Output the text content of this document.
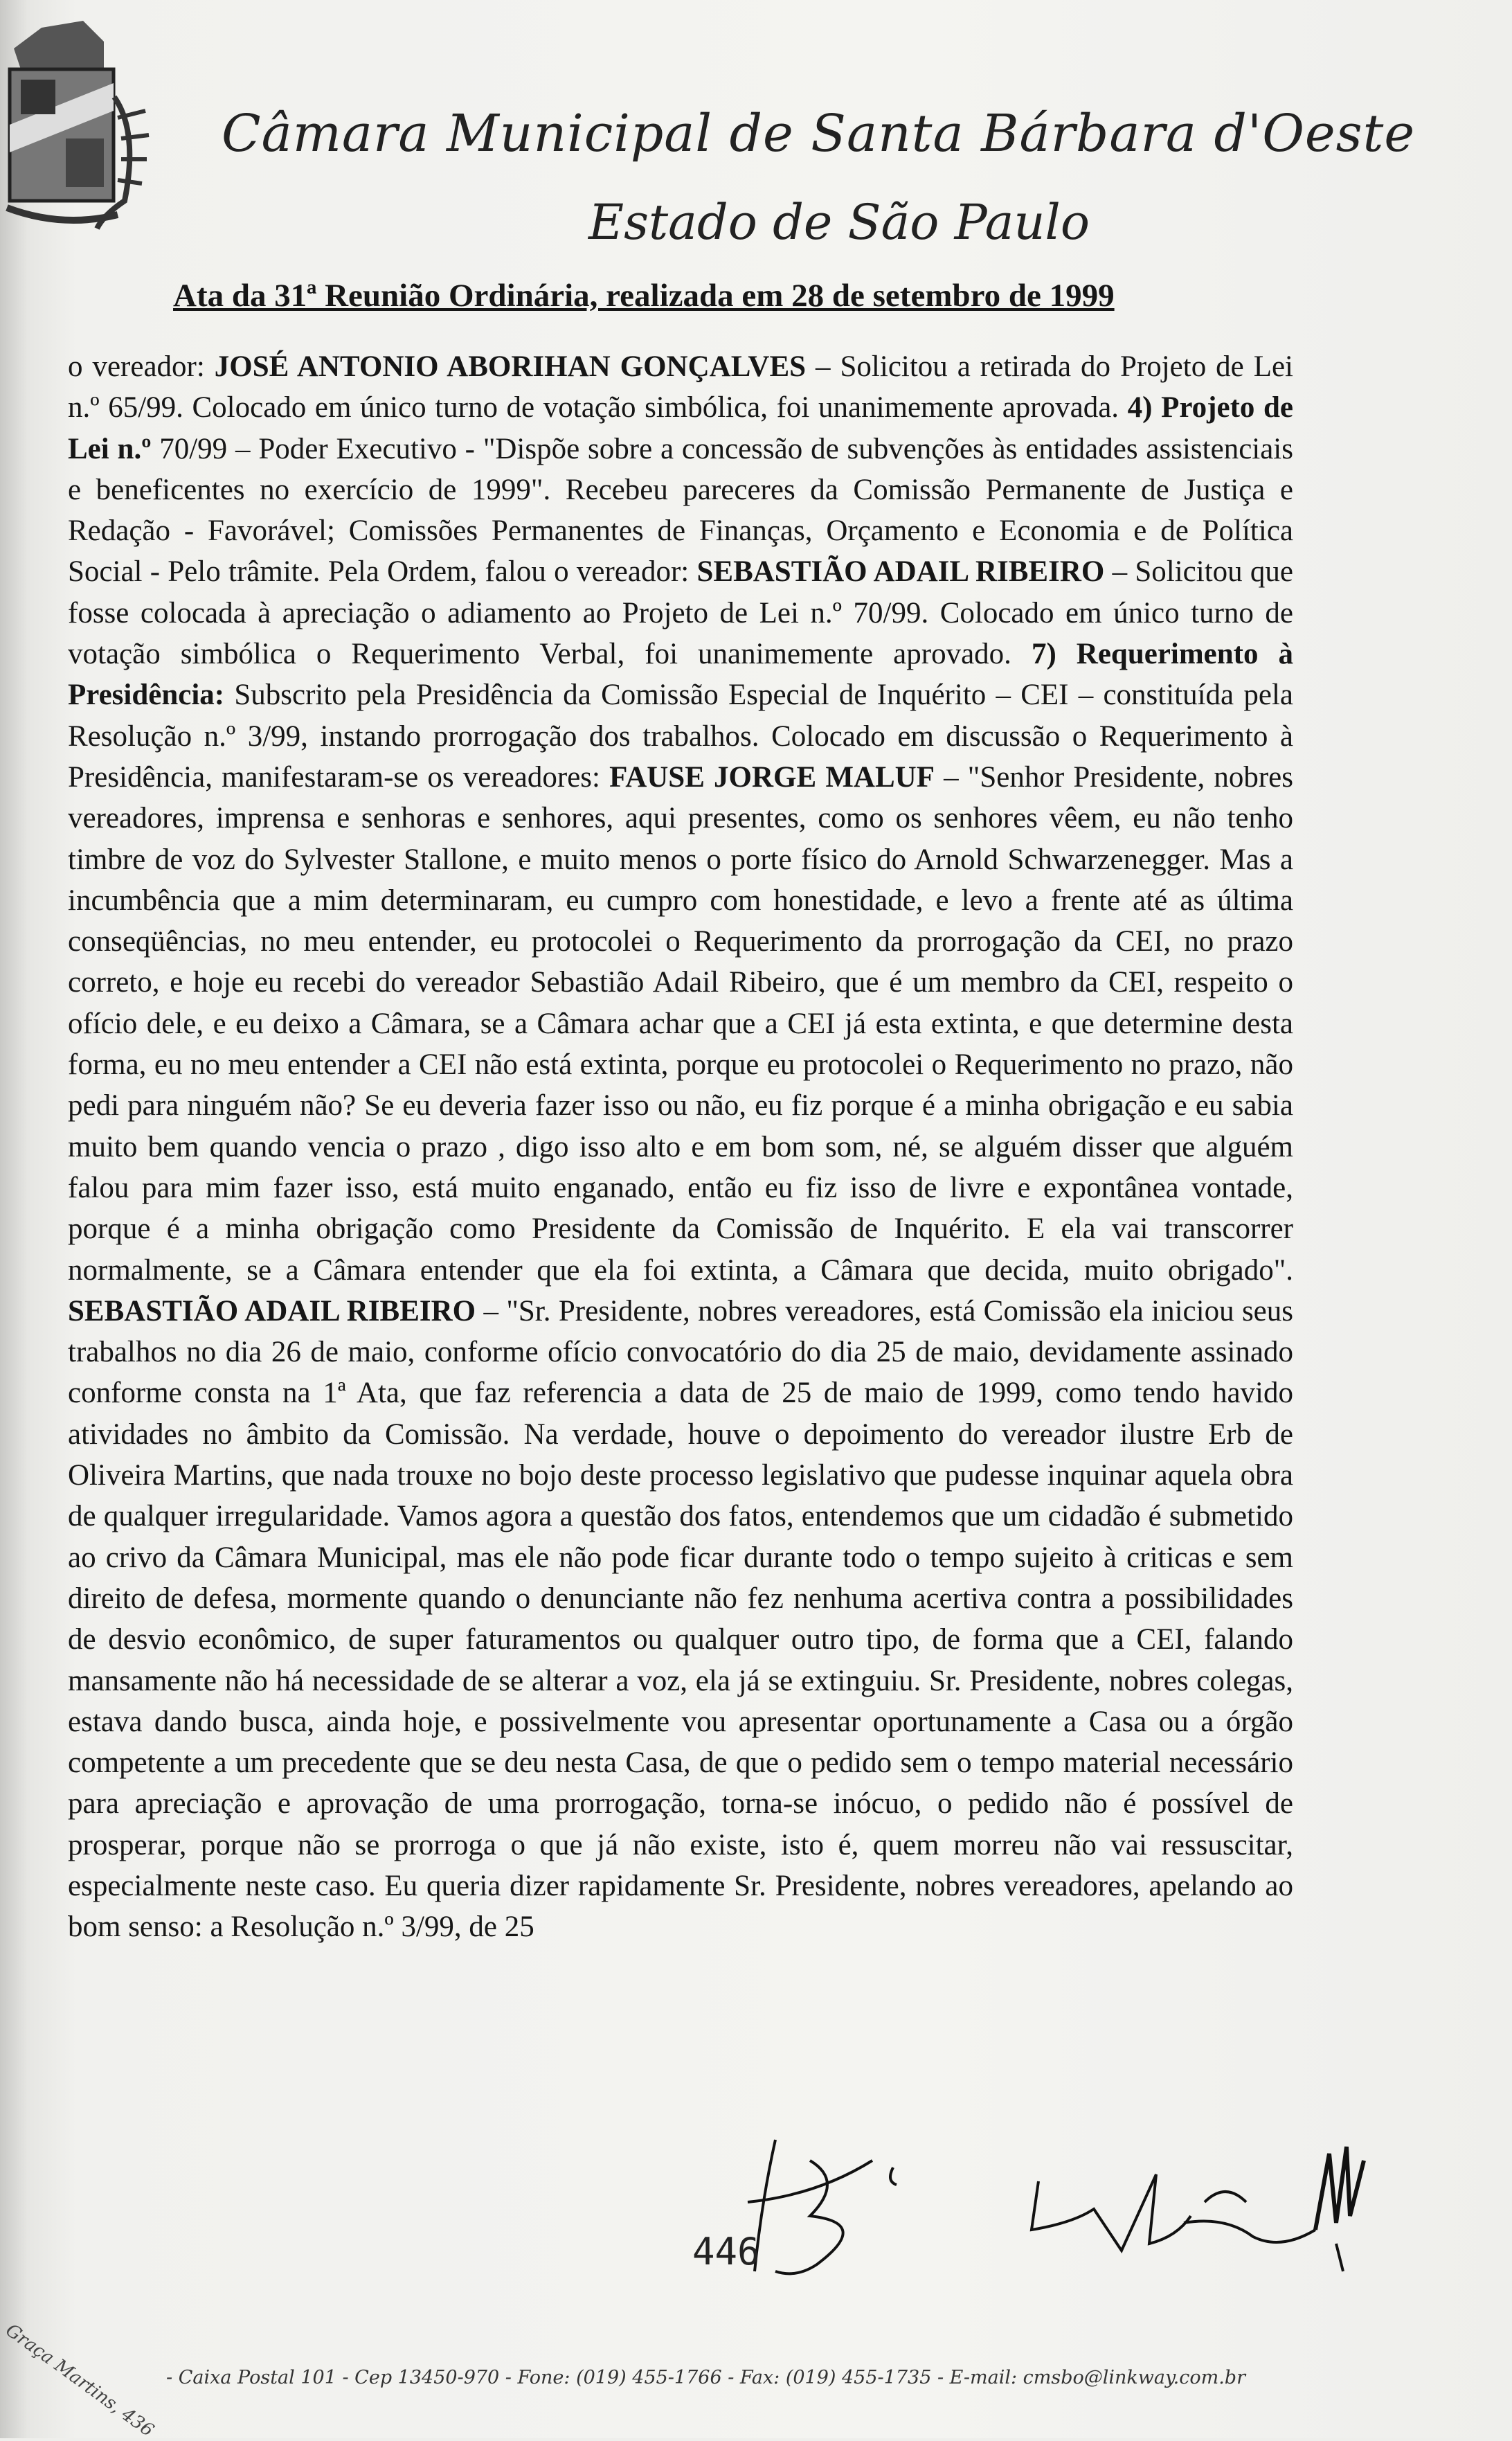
Câmara Municipal de Santa Bárbara d'Oeste
Estado de São Paulo
Ata da 31ª Reunião Ordinária, realizada em 28 de setembro de 1999

o vereador: JOSÉ ANTONIO ABORIHAN GONÇALVES – Solicitou a retirada do Projeto de Lei n.º 65/99. Colocado em único turno de votação simbólica, foi unanimemente aprovada. 4) Projeto de Lei n.º 70/99 – Poder Executivo - "Dispõe sobre a concessão de subvenções às entidades assistenciais e beneficentes no exercício de 1999". Recebeu pareceres da Comissão Permanente de Justiça e Redação - Favorável; Comissões Permanentes de Finanças, Orçamento e Economia e de Política Social - Pelo trâmite. Pela Ordem, falou o vereador: SEBASTIÃO ADAIL RIBEIRO – Solicitou que fosse colocada à apreciação o adiamento ao Projeto de Lei n.º 70/99. Colocado em único turno de votação simbólica o Requerimento Verbal, foi unanimemente aprovado. 7) Requerimento à Presidência: Subscrito pela Presidência da Comissão Especial de Inquérito – CEI – constituída pela Resolução n.º 3/99, instando prorrogação dos trabalhos. Colocado em discussão o Requerimento à Presidência, manifestaram-se os vereadores: FAUSE JORGE MALUF – "Senhor Presidente, nobres vereadores, imprensa e senhoras e senhores, aqui presentes, como os senhores vêem, eu não tenho timbre de voz do Sylvester Stallone, e muito menos o porte físico do Arnold Schwarzenegger. Mas a incumbência que a mim determinaram, eu cumpro com honestidade, e levo a frente até as última conseqüências, no meu entender, eu protocolei o Requerimento da prorrogação da CEI, no prazo correto, e hoje eu recebi do vereador Sebastião Adail Ribeiro, que é um membro da CEI, respeito o ofício dele, e eu deixo a Câmara, se a Câmara achar que a CEI já esta extinta, e que determine desta forma, eu no meu entender a CEI não está extinta, porque eu protocolei o Requerimento no prazo, não pedi para ninguém não? Se eu deveria fazer isso ou não, eu fiz porque é a minha obrigação e eu sabia muito bem quando vencia o prazo , digo isso alto e em bom som, né, se alguém disser que alguém falou para mim fazer isso, está muito enganado, então eu fiz isso de livre e expontânea vontade, porque é a minha obrigação como Presidente da Comissão de Inquérito. E ela vai transcorrer normalmente, se a Câmara entender que ela foi extinta, a Câmara que decida, muito obrigado". SEBASTIÃO ADAIL RIBEIRO – "Sr. Presidente, nobres vereadores, está Comissão ela iniciou seus trabalhos no dia 26 de maio, conforme ofício convocatório do dia 25 de maio, devidamente assinado conforme consta na 1ª Ata, que faz referencia a data de 25 de maio de 1999, como tendo havido atividades no âmbito da Comissão. Na verdade, houve o depoimento do vereador ilustre Erb de Oliveira Martins, que nada trouxe no bojo deste processo legislativo que pudesse inquinar aquela obra de qualquer irregularidade. Vamos agora a questão dos fatos, entendemos que um cidadão é submetido ao crivo da Câmara Municipal, mas ele não pode ficar durante todo o tempo sujeito à criticas e sem direito de defesa, mormente quando o denunciante não fez nenhuma acertiva contra a possibilidades de desvio econômico, de super faturamentos ou qualquer outro tipo, de forma que a CEI, falando mansamente não há necessidade de se alterar a voz, ela já se extinguiu. Sr. Presidente, nobres colegas, estava dando busca, ainda hoje, e possivelmente vou apresentar oportunamente a Casa ou a órgão competente a um precedente que se deu nesta Casa, de que o pedido sem o tempo material necessário para apreciação e aprovação de uma prorrogação, torna-se inócuo, o pedido não é possível de prosperar, porque não se prorroga o que já não existe, isto é, quem morreu não vai ressuscitar, especialmente neste caso. Eu queria dizer rapidamente Sr. Presidente, nobres vereadores, apelando ao bom senso: a Resolução n.º 3/99, de 25

446
Graça Martins, 436 - Caixa Postal 101 - Cep 13450-970 - Fone: (019) 455-1766 - Fax: (019) 455-1735 - E-mail: cmsbo@linkway.com.br
